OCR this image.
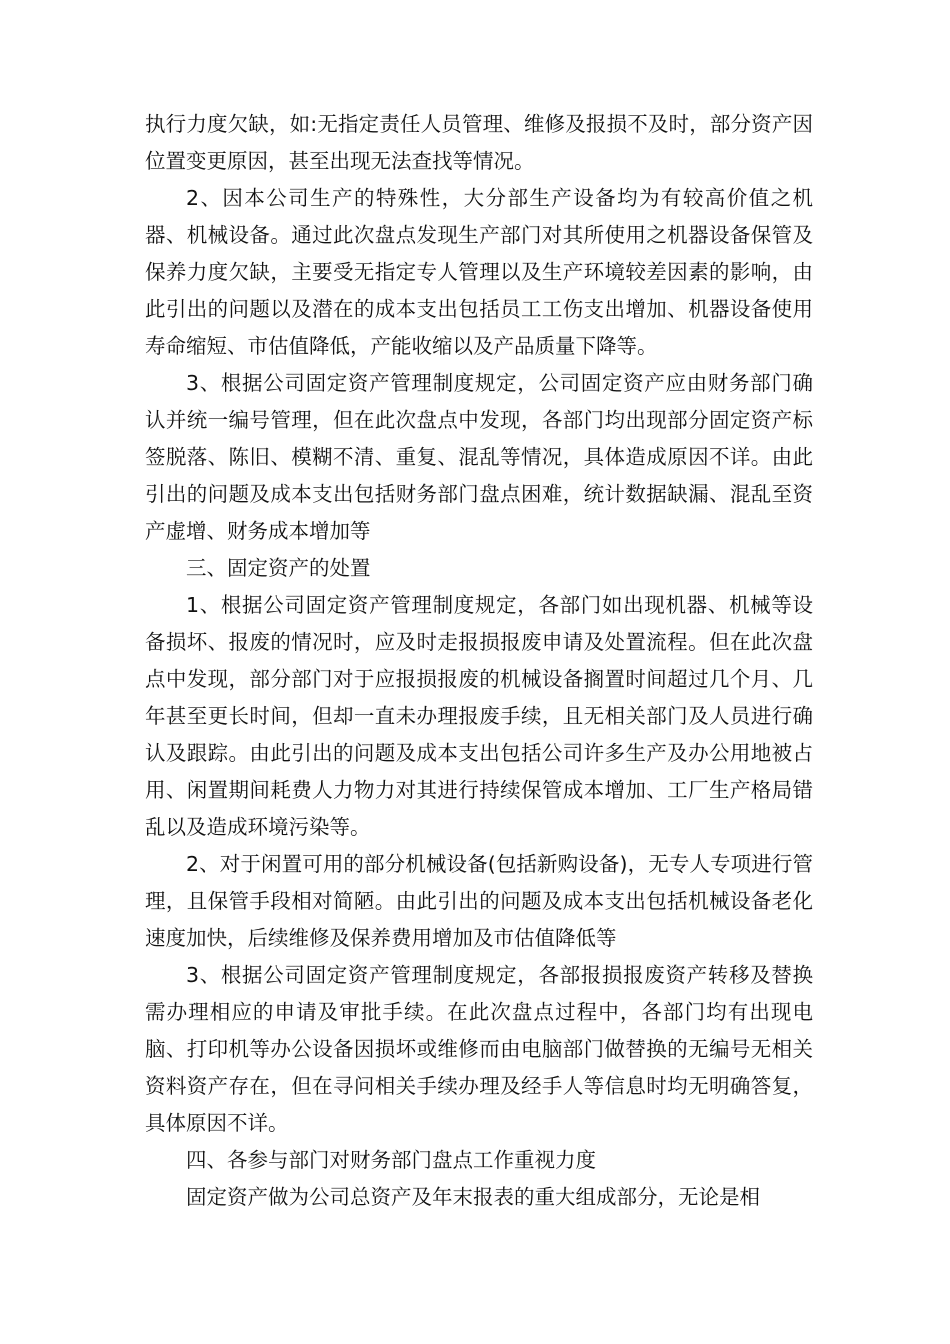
执行力度欠缺，如:无指定责任人员管理、维修及报损不及时，部分资产因位置变更原因，甚至出现无法查找等情况。

2、因本公司生产的特殊性，大分部生产设备均为有较高价值之机器、机械设备。通过此次盘点发现生产部门对其所使用之机器设备保管及保养力度欠缺，主要受无指定专人管理以及生产环境较差因素的影响，由此引出的问题以及潜在的成本支出包括员工工伤支出增加、机器设备使用寿命缩短、市估值降低，产能收缩以及产品质量下降等。

3、根据公司固定资产管理制度规定，公司固定资产应由财务部门确认并统一编号管理，但在此次盘点中发现，各部门均出现部分固定资产标签脱落、陈旧、模糊不清、重复、混乱等情况，具体造成原因不详。由此引出的问题及成本支出包括财务部门盘点困难，统计数据缺漏、混乱至资产虚增、财务成本增加等

三、固定资产的处置

1、根据公司固定资产管理制度规定，各部门如出现机器、机械等设备损坏、报废的情况时，应及时走报损报废申请及处置流程。但在此次盘点中发现，部分部门对于应报损报废的机械设备搁置时间超过几个月、几年甚至更长时间，但却一直未办理报废手续，且无相关部门及人员进行确认及跟踪。由此引出的问题及成本支出包括公司许多生产及办公用地被占用、闲置期间耗费人力物力对其进行持续保管成本增加、工厂生产格局错乱以及造成环境污染等。

2、对于闲置可用的部分机械设备(包括新购设备)，无专人专项进行管理，且保管手段相对简陋。由此引出的问题及成本支出包括机械设备老化速度加快，后续维修及保养费用增加及市估值降低等

3、根据公司固定资产管理制度规定，各部报损报废资产转移及替换需办理相应的申请及审批手续。在此次盘点过程中，各部门均有出现电脑、打印机等办公设备因损坏或维修而由电脑部门做替换的无编号无相关资料资产存在，但在寻问相关手续办理及经手人等信息时均无明确答复，具体原因不详。

四、各参与部门对财务部门盘点工作重视力度

固定资产做为公司总资产及年末报表的重大组成部分，无论是相
